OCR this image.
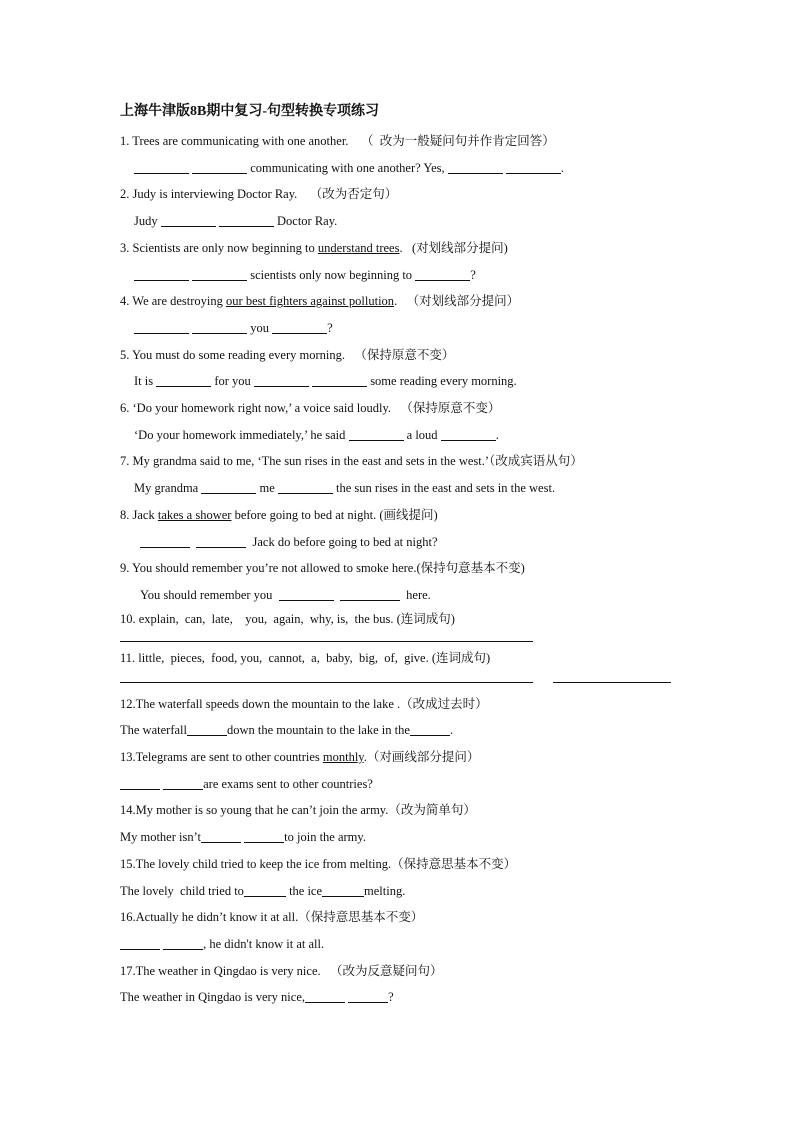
上海牛津版8B期中复习-句型转换专项练习
1. Trees are communicating with one another. （  改为一般疑问句并作肯定回答）
communicating with one another? Yes,	.
2. Judy is interviewing Doctor Ray. （改为否定句）
Judy	Doctor Ray.
3. Scientists are only now beginning to understand trees.   (对划线部分提问)
scientists only now beginning to	?
4. We are destroying our best fighters against pollution.   （对划线部分提问）
you	?
5. You must do some reading every morning. （保持原意不变）
It is	for you	some reading every morning.
6. ‘Do your homework right now,’ a voice said loudly. （保持原意不变）
‘Do your homework immediately,’ he said	a loud	.
7. My grandma said to me, ‘The sun rises in the east and sets in the west.’（改成宾语从句）
My grandma	me	the sun rises in the east and sets in the west.
8. Jack takes a shower before going to bed at night. (画线提问)
Jack do before going to bed at night?
9. You should remember you’re not allowed to smoke here.(保持句意基本不变)
You should remember you	here.
10. explain,  can,  late,    you,  again,  why, is,  the bus. (连词成句)
11. little,  pieces,  food, you,  cannot,  a,  baby,  big,  of,  give. (连词成句)
12.The waterfall speeds down the mountain to the lake .（改成过去时）
The waterfall	down the mountain to the lake in the	.
13.Telegrams are sent to other countries monthly.（对画线部分提问）
are exams sent to other countries?
14.My mother is so young that he can’t join the army.（改为简单句）
My mother isn’t	to join the army.
15.The lovely child tried to keep the ice from melting.（保持意思基本不变）
The lovely  child tried to	the ice	melting.
16.Actually he didn’t know it at all.（保持意思基本不变）
, he didn't know it at all.
17.The weather in Qingdao is very nice. （改为反意疑问句）
The weather in Qingdao is very nice,	?
